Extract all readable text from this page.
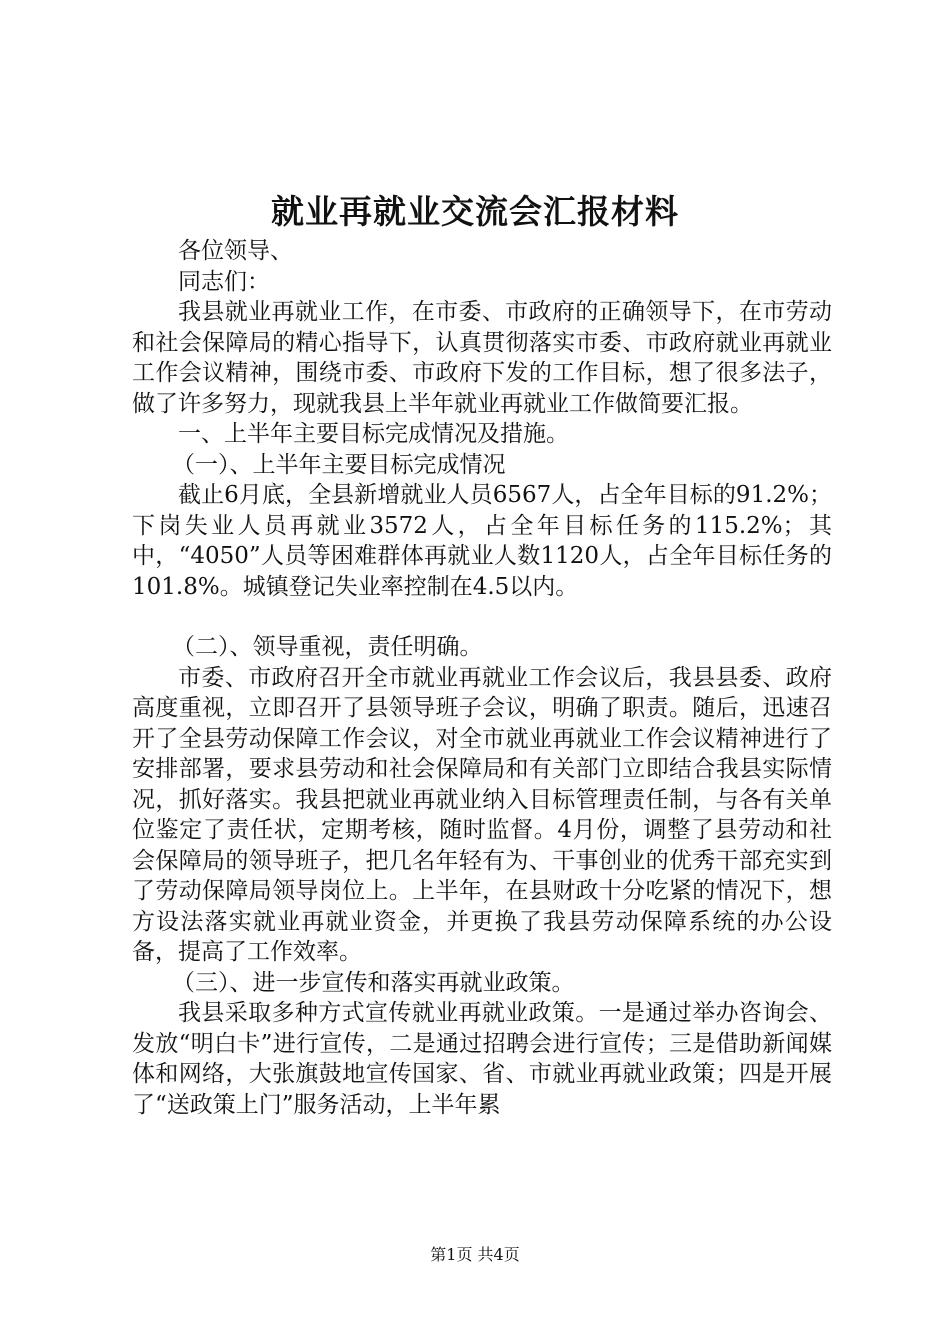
就业再就业交流会汇报材料

各位领导、

同志们：

我县就业再就业工作，在市委、市政府的正确领导下，在市劳动和社会保障局的精心指导下，认真贯彻落实市委、市政府就业再就业工作会议精神，围绕市委、市政府下发的工作目标，想了很多法子，做了许多努力，现就我县上半年就业再就业工作做简要汇报。

一、上半年主要目标完成情况及措施。

（一）、上半年主要目标完成情况

截止6月底，全县新增就业人员6567人，占全年目标的91.2%；下岗失业人员再就业3572人，占全年目标任务的115.2%；其中，“4050”人员等困难群体再就业人数1120人，占全年目标任务的101.8%。城镇登记失业率控制在4.5以内。

（二）、领导重视，责任明确。

市委、市政府召开全市就业再就业工作会议后，我县县委、政府高度重视，立即召开了县领导班子会议，明确了职责。随后，迅速召开了全县劳动保障工作会议，对全市就业再就业工作会议精神进行了安排部署，要求县劳动和社会保障局和有关部门立即结合我县实际情况，抓好落实。我县把就业再就业纳入目标管理责任制，与各有关单位鉴定了责任状，定期考核，随时监督。4月份，调整了县劳动和社会保障局的领导班子，把几名年轻有为、干事创业的优秀干部充实到了劳动保障局领导岗位上。上半年，在县财政十分吃紧的情况下，想方设法落实就业再就业资金，并更换了我县劳动保障系统的办公设备，提高了工作效率。

（三）、进一步宣传和落实再就业政策。

我县采取多种方式宣传就业再就业政策。一是通过举办咨询会、发放“明白卡”进行宣传，二是通过招聘会进行宣传；三是借助新闻媒体和网络，大张旗鼓地宣传国家、省、市就业再就业政策；四是开展了“送政策上门”服务活动，上半年累

第1页 共4页
